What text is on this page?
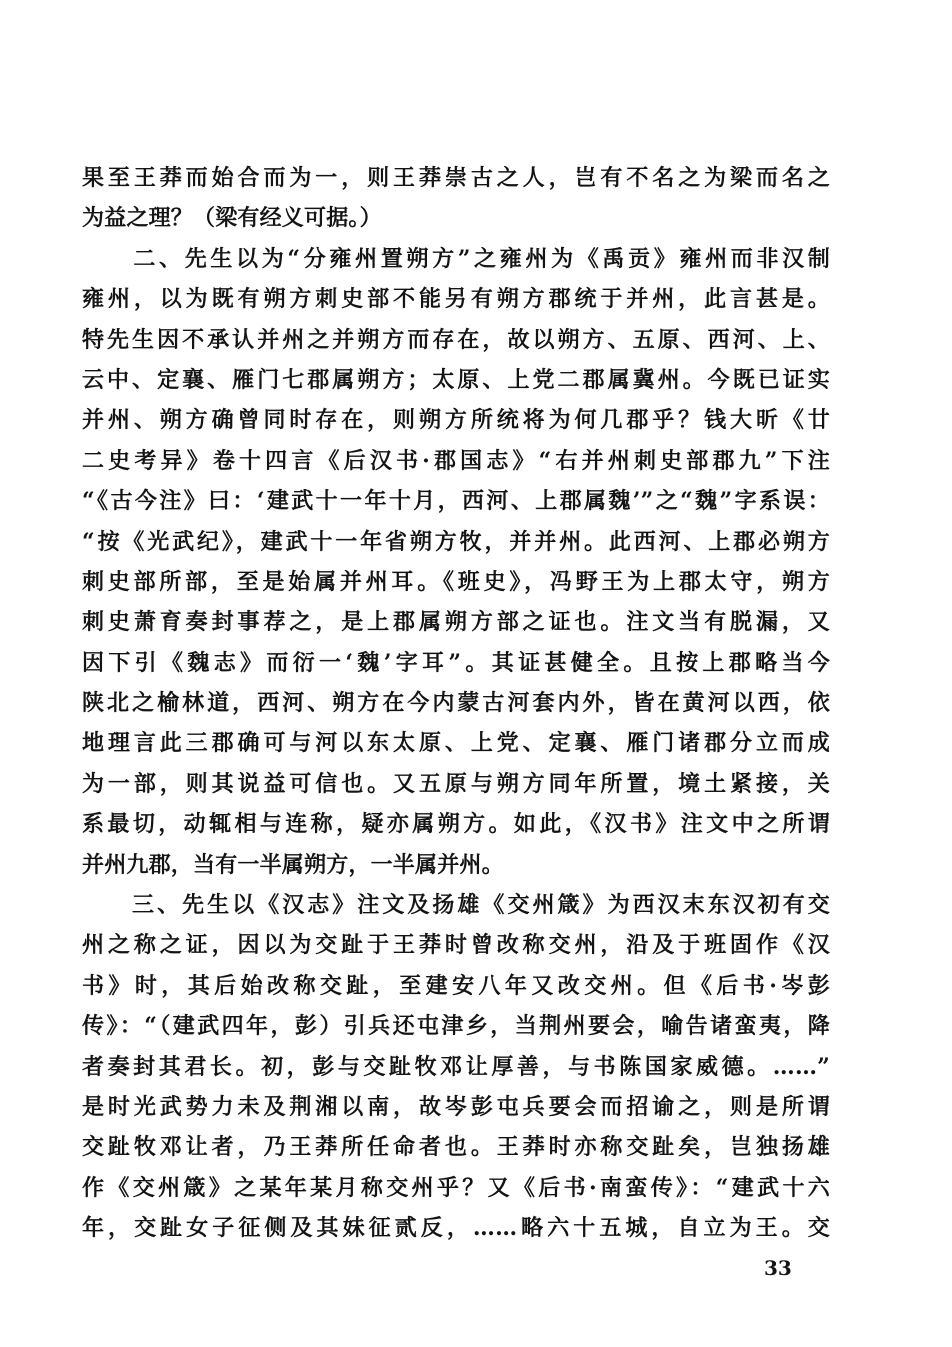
果至王莽而始合而为一，则王莽崇古之人，岂有不名之为梁而名之
为益之理？（梁有经义可据。）
　　二、先生以为“分雍州置朔方”之雍州为《禹贡》雍州而非汉制
雍州，以为既有朔方刺史部不能另有朔方郡统于并州，此言甚是。
特先生因不承认并州之并朔方而存在，故以朔方、五原、西河、上、
云中、定襄、雁门七郡属朔方；太原、上党二郡属冀州。今既已证实
并州、朔方确曾同时存在，则朔方所统将为何几郡乎？钱大昕《廿
二史考异》卷十四言《后汉书·郡国志》“右并州刺史部郡九”下注
“《古今注》曰：‘建武十一年十月，西河、上郡属魏’”之“魏”字系误：
“按《光武纪》，建武十一年省朔方牧，并并州。此西河、上郡必朔方
刺史部所部，至是始属并州耳。《班史》，冯野王为上郡太守，朔方
刺史萧育奏封事荐之，是上郡属朔方部之证也。注文当有脱漏，又
因下引《魏志》而衍一‘魏’字耳”。其证甚健全。且按上郡略当今
陕北之榆林道，西河、朔方在今内蒙古河套内外，皆在黄河以西，依
地理言此三郡确可与河以东太原、上党、定襄、雁门诸郡分立而成
为一部，则其说益可信也。又五原与朔方同年所置，境土紧接，关
系最切，动辄相与连称，疑亦属朔方。如此，《汉书》注文中之所谓
并州九郡，当有一半属朔方，一半属并州。
　　三、先生以《汉志》注文及扬雄《交州箴》为西汉末东汉初有交
州之称之证，因以为交趾于王莽时曾改称交州，沿及于班固作《汉
书》时，其后始改称交趾，至建安八年又改交州。但《后书·岑彭
传》：“（建武四年，彭）引兵还屯津乡，当荆州要会，喻告诸蛮夷，降
者奏封其君长。初，彭与交趾牧邓让厚善，与书陈国家威德。……”
是时光武势力未及荆湘以南，故岑彭屯兵要会而招谕之，则是所谓
交趾牧邓让者，乃王莽所任命者也。王莽时亦称交趾矣，岂独扬雄
作《交州箴》之某年某月称交州乎？又《后书·南蛮传》：“建武十六
年，交趾女子征侧及其妹征贰反，……略六十五城，自立为王。交
33
